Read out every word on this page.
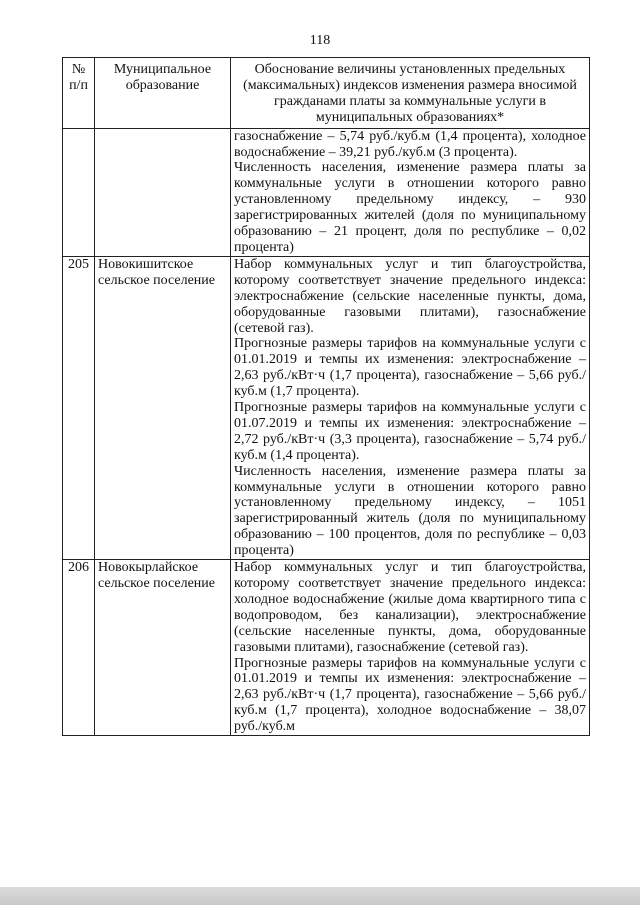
118
№ п/п	Муниципальное образование	Обоснование величины установленных предельных (максимальных) индексов изменения размера вносимой гражданами платы за коммунальные услуги в муниципальных образованиях*

		газоснабжение – 5,74 руб./куб.м (1,4 процента), холодное водоснабжение – 39,21 руб./куб.м (3 процента).

Численность населения, изменение размера платы за коммунальные услуги в отношении которого равно установленному предельному индексу, – 930 зарегистрированных жителей (доля по муниципальному образованию – 21 процент, доля по республике – 0,02 процента)

205	Новокишитское сельское поселение	Набор коммунальных услуг и тип благоустройства, которому соответствует значение предельного индекса: электроснабжение (сельские населенные пункты, дома, оборудованные газовыми плитами), газоснабжение (сетевой газ).

Прогнозные размеры тарифов на коммунальные услуги с 01.01.2019 и темпы их изменения: электроснабжение – 2,63 руб./кВт·ч (1,7 процента), газоснабжение – 5,66 руб./куб.м (1,7 процента).

Прогнозные размеры тарифов на коммунальные услуги с 01.07.2019 и темпы их изменения: электроснабжение – 2,72 руб./кВт·ч (3,3 процента), газоснабжение – 5,74 руб./куб.м (1,4 процента).

Численность населения, изменение размера платы за коммунальные услуги в отношении которого равно установленному предельному индексу, – 1051 зарегистрированный житель (доля по муниципальному образованию – 100 процентов, доля по республике – 0,03 процента)

206	Новокырлайское сельское поселение	Набор коммунальных услуг и тип благоустройства, которому соответствует значение предельного индекса: холодное водоснабжение (жилые дома квартирного типа с водопроводом, без канализации), электроснабжение (сельские населенные пункты, дома, оборудованные газовыми плитами), газоснабжение (сетевой газ).

Прогнозные размеры тарифов на коммунальные услуги с 01.01.2019 и темпы их изменения: электроснабжение – 2,63 руб./кВт·ч (1,7 процента), газоснабжение – 5,66 руб./куб.м (1,7 процента), холодное водоснабжение – 38,07 руб./куб.м
